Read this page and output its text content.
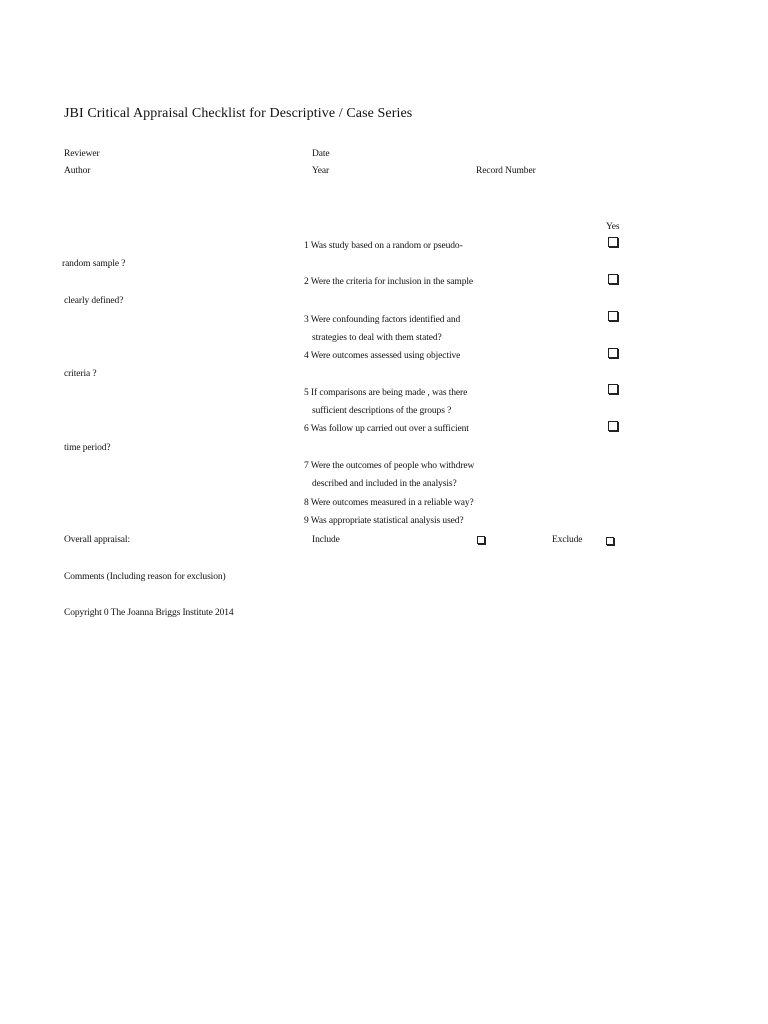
JBI Critical Appraisal Checklist for Descriptive / Case Series
Reviewer	Date
Author	Year	Record Number
Yes
1 Was study based on a random or pseudo-
random sample ?
2 Were the criteria for inclusion in the sample
clearly defined?
3 Were confounding factors identified and
strategies to deal with them stated?
4 Were outcomes assessed using objective
criteria ?
5 If comparisons are being made , was there
sufficient descriptions of the groups ?
6 Was follow up carried out over a sufficient
time period?
7 Were the outcomes of people who withdrew
described and included in the analysis?
8 Were outcomes measured in a reliable way?
9 Was appropriate statistical analysis used?
Overall appraisal:	Include	Exclude
Comments (Including reason for exclusion)
Copyright 0 The Joanna Briggs Institute 2014
